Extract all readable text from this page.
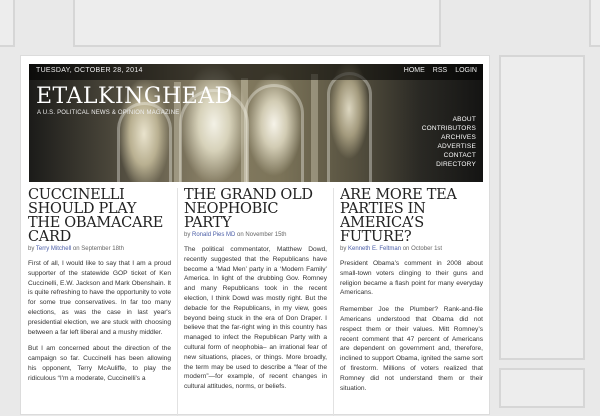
TUESDAY, OCTOBER 28, 2014	HOME RSS LOGIN
ETALKINGHEAD
A U.S. POLITICAL NEWS & OPINION MAGAZINE
ABOUT
CONTRIBUTORS
ARCHIVES
ADVERTISE
CONTACT
DIRECTORY
CUCCINELLI SHOULD PLAY THE OBAMACARE CARD
by Terry Mitchell on September 18th

First of all, I would like to say that I am a proud supporter of the statewide GOP ticket of Ken Cuccinelli, E.W. Jackson and Mark Obenshain. It is quite refreshing to have the opportunity to vote for some true conservatives. In far too many elections, as was the case in last year's presidential election, we are stuck with choosing between a far left liberal and a mushy middler.

But I am concerned about the direction of the campaign so far. Cuccinelli has been allowing his opponent, Terry McAuliffe, to play the ridiculous “I'm a moderate, Cuccinelli's a

THE GRAND OLD NEOPHOBIC PARTY
by Ronald Pies MD on November 15th

The political commentator, Matthew Dowd, recently suggested that the Republicans have become a ‘Mad Men’ party in a ‘Modern Family’ America. In light of the drubbing Gov. Romney and many Republicans took in the recent election, I think Dowd was mostly right. But the debacle for the Republicans, in my view, goes beyond being stuck in the era of Don Draper. I believe that the far-right wing in this country has managed to infect the Republican Party with a cultural form of neophobia– an irrational fear of new situations, places, or things. More broadly, the term may be used to describe a “fear of the modern”—for example, of recent changes in cultural attitudes, norms, or beliefs.

ARE MORE TEA PARTIES IN AMERICA’S FUTURE?
by Kenneth E. Feltman on October 1st

President Obama’s comment in 2008 about small-town voters clinging to their guns and religion became a flash point for many everyday Americans.

Remember Joe the Plumber? Rank-and-file Americans understood that Obama did not respect them or their values. Mitt Romney’s recent comment that 47 percent of Americans are dependent on government and, therefore, inclined to support Obama, ignited the same sort of firestorm. Millions of voters realized that Romney did not understand them or their situation.
